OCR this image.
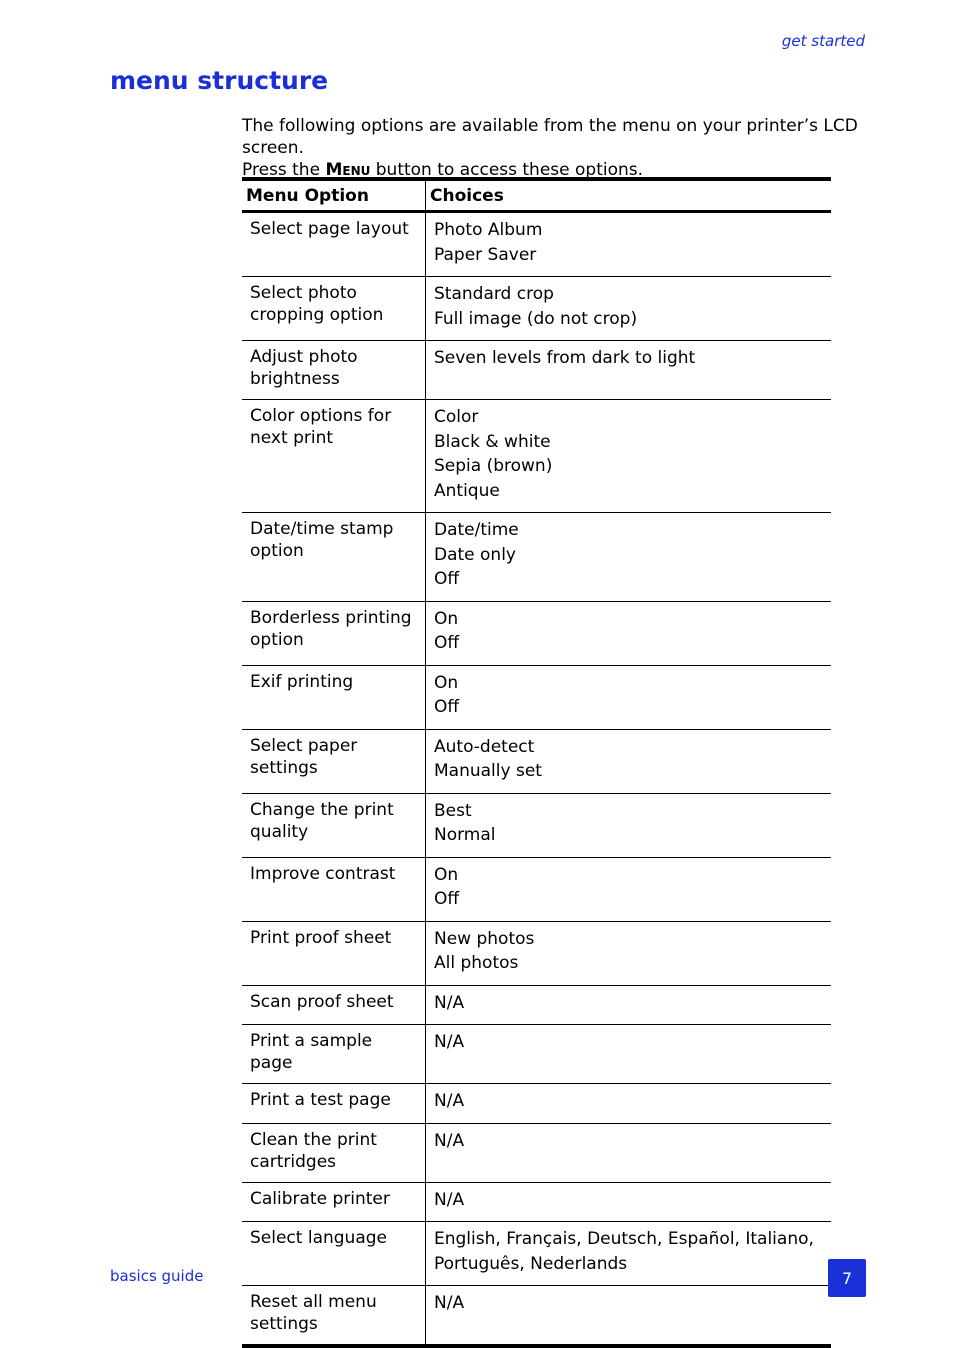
get started
menu structure

The following options are available from the menu on your printer’s LCD screen.
Press the Menu button to access these options.

Menu Option	Choices
Select page layout	Photo Album
Paper Saver

Select photo cropping option	Standard crop
Full image (do not crop)

Adjust photo brightness	Seven levels from dark to light

Color options for next print	Color
Black & white
Sepia (brown)
Antique

Date/time stamp option	Date/time
Date only
Off

Borderless printing option	On
Off

Exif printing	On
Off

Select paper settings	Auto-detect
Manually set

Change the print quality	Best
Normal

Improve contrast	On
Off

Print proof sheet	New photos
All photos

Scan proof sheet	N/A

Print a sample page	N/A

Print a test page	N/A

Clean the print cartridges	N/A

Calibrate printer	N/A

Select language	English, Français, Deutsch, Español, Italiano, Português, Nederlands

Reset all menu settings	N/A
basics guide	7
